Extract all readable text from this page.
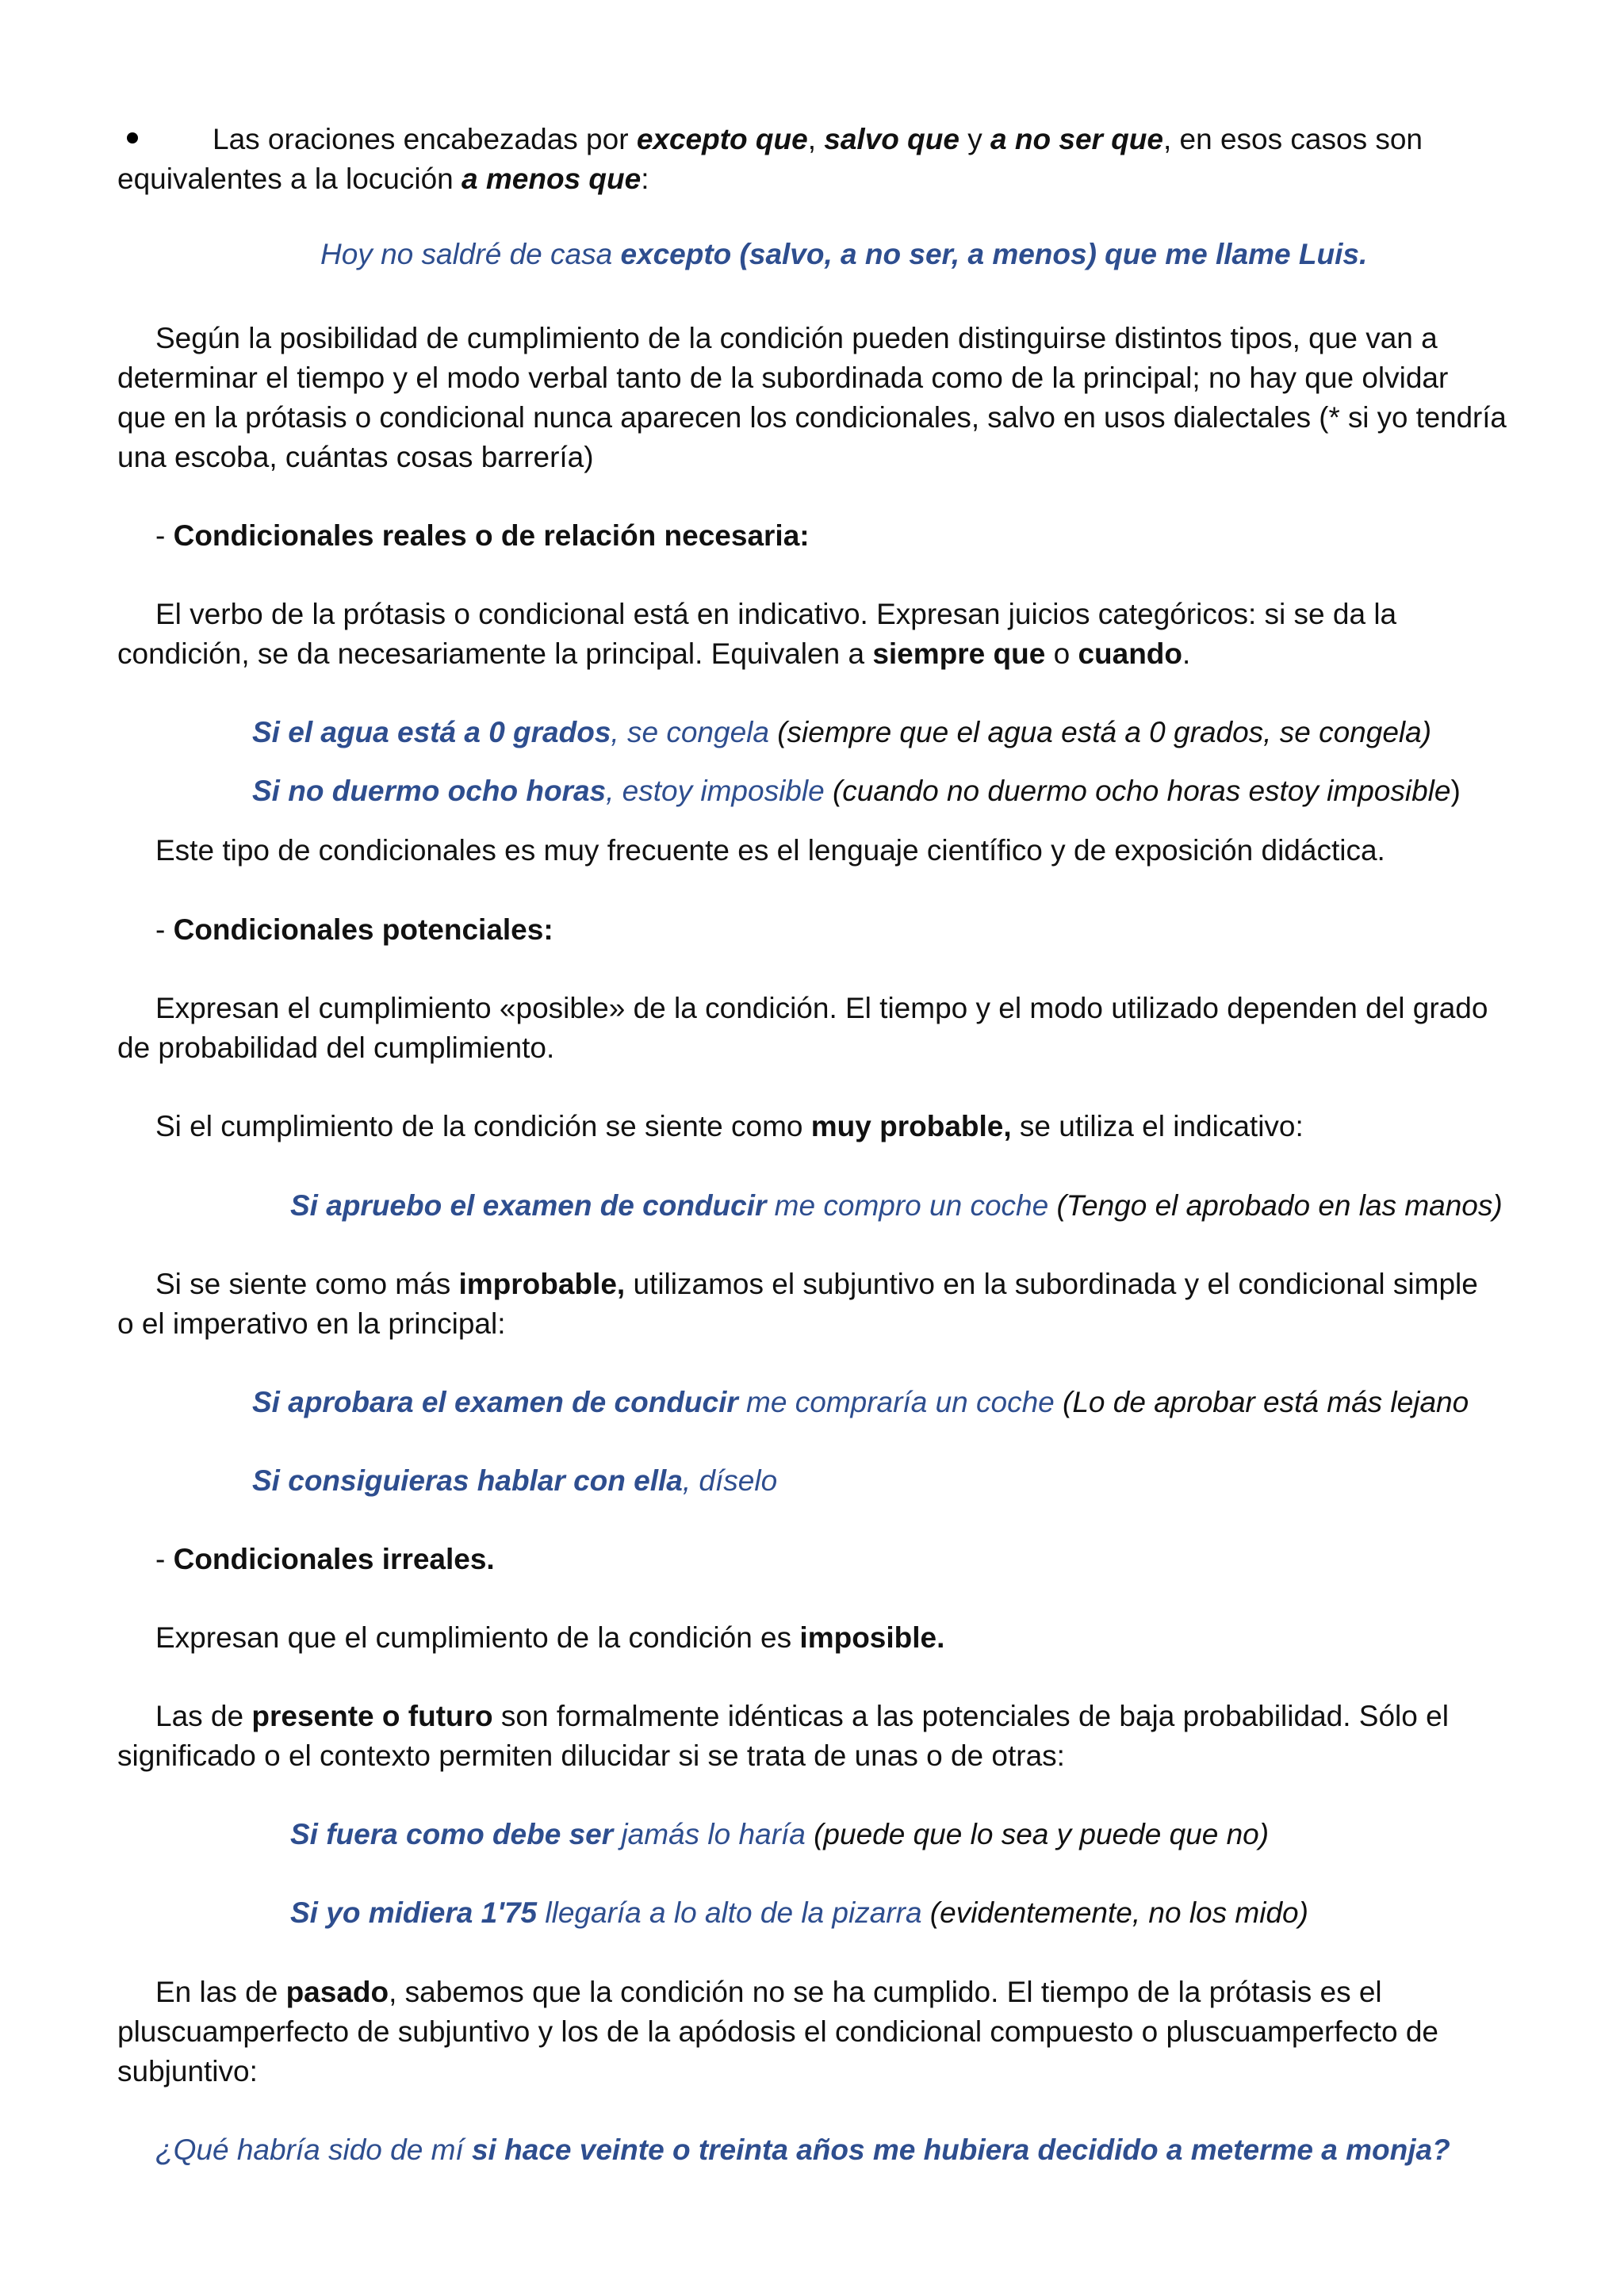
Las oraciones encabezadas por excepto que, salvo que y a no ser que, en esos casos son

equivalentes a la locución a menos que:

Hoy no saldré de casa excepto (salvo, a no ser, a menos) que me llame Luis.

Según la posibilidad de cumplimiento de la condición pueden distinguirse distintos tipos, que van a

determinar el tiempo y el modo verbal tanto de la subordinada como de la principal; no hay que olvidar

que en la prótasis o condicional nunca aparecen los condicionales, salvo en usos dialectales (* si yo tendría

una escoba, cuántas cosas barrería)

- Condicionales reales o de relación necesaria:

El verbo de la prótasis o condicional está en indicativo. Expresan juicios categóricos: si se da la

condición, se da necesariamente la principal. Equivalen a siempre que o cuando.

Si el agua está a 0 grados, se congela (siempre que el agua está a 0 grados, se congela)

Si no duermo ocho horas, estoy imposible (cuando no duermo ocho horas estoy imposible)

Este tipo de condicionales es muy frecuente es el lenguaje científico y de exposición didáctica.

- Condicionales potenciales:

Expresan el cumplimiento «posible» de la condición. El tiempo y el modo utilizado dependen del grado

de probabilidad del cumplimiento.

Si el cumplimiento de la condición se siente como muy probable, se utiliza el indicativo:

Si apruebo el examen de conducir me compro un coche (Tengo el aprobado en las manos)

Si se siente como más improbable, utilizamos el subjuntivo en la subordinada y el condicional simple

o el imperativo en la principal:

Si aprobara el examen de conducir me compraría un coche (Lo de aprobar está más lejano

Si consiguieras hablar con ella, díselo

- Condicionales irreales.

Expresan que el cumplimiento de la condición es imposible.

Las de presente o futuro son formalmente idénticas a las potenciales de baja probabilidad. Sólo el

significado o el contexto permiten dilucidar si se trata de unas o de otras:

Si fuera como debe ser jamás lo haría (puede que lo sea y puede que no)

Si yo midiera 1'75 llegaría a lo alto de la pizarra (evidentemente, no los mido)

En las de pasado, sabemos que la condición no se ha cumplido. El tiempo de la prótasis es el

pluscuamperfecto de subjuntivo y los de la apódosis el condicional compuesto o pluscuamperfecto de

subjuntivo:

¿Qué habría sido de mí si hace veinte o treinta años me hubiera decidido a meterme a monja?
